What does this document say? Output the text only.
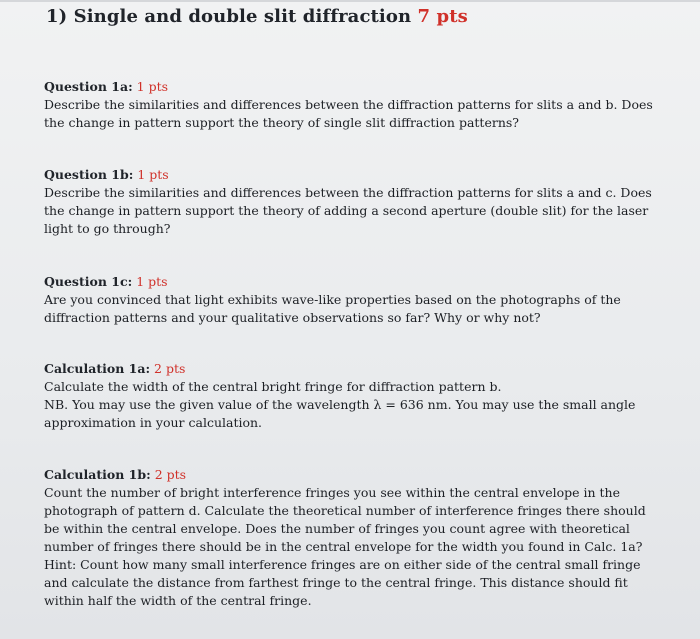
1) Single and double slit diffraction 7 pts
Question 1a: 1 pts

Describe the similarities and differences between the diffraction patterns for slits a and b. Does the change in pattern support the theory of single slit diffraction patterns?

Question 1b: 1 pts

Describe the similarities and differences between the diffraction patterns for slits a and c. Does the change in pattern support the theory of adding a second aperture (double slit) for the laser light to go through?

Question 1c: 1 pts

Are you convinced that light exhibits wave-like properties based on the photographs of the diffraction patterns and your qualitative observations so far? Why or why not?

Calculation 1a: 2 pts

Calculate the width of the central bright fringe for diffraction pattern b.

NB. You may use the given value of the wavelength λ = 636 nm. You may use the small angle approximation in your calculation.

Calculation 1b: 2 pts

Count the number of bright interference fringes you see within the central envelope in the photograph of pattern d. Calculate the theoretical number of interference fringes there should be within the central envelope. Does the number of fringes you count agree with theoretical number of fringes there should be in the central envelope for the width you found in Calc. 1a?

Hint: Count how many small interference fringes are on either side of the central small fringe and calculate the distance from farthest fringe to the central fringe. This distance should fit within half the width of the central fringe.
